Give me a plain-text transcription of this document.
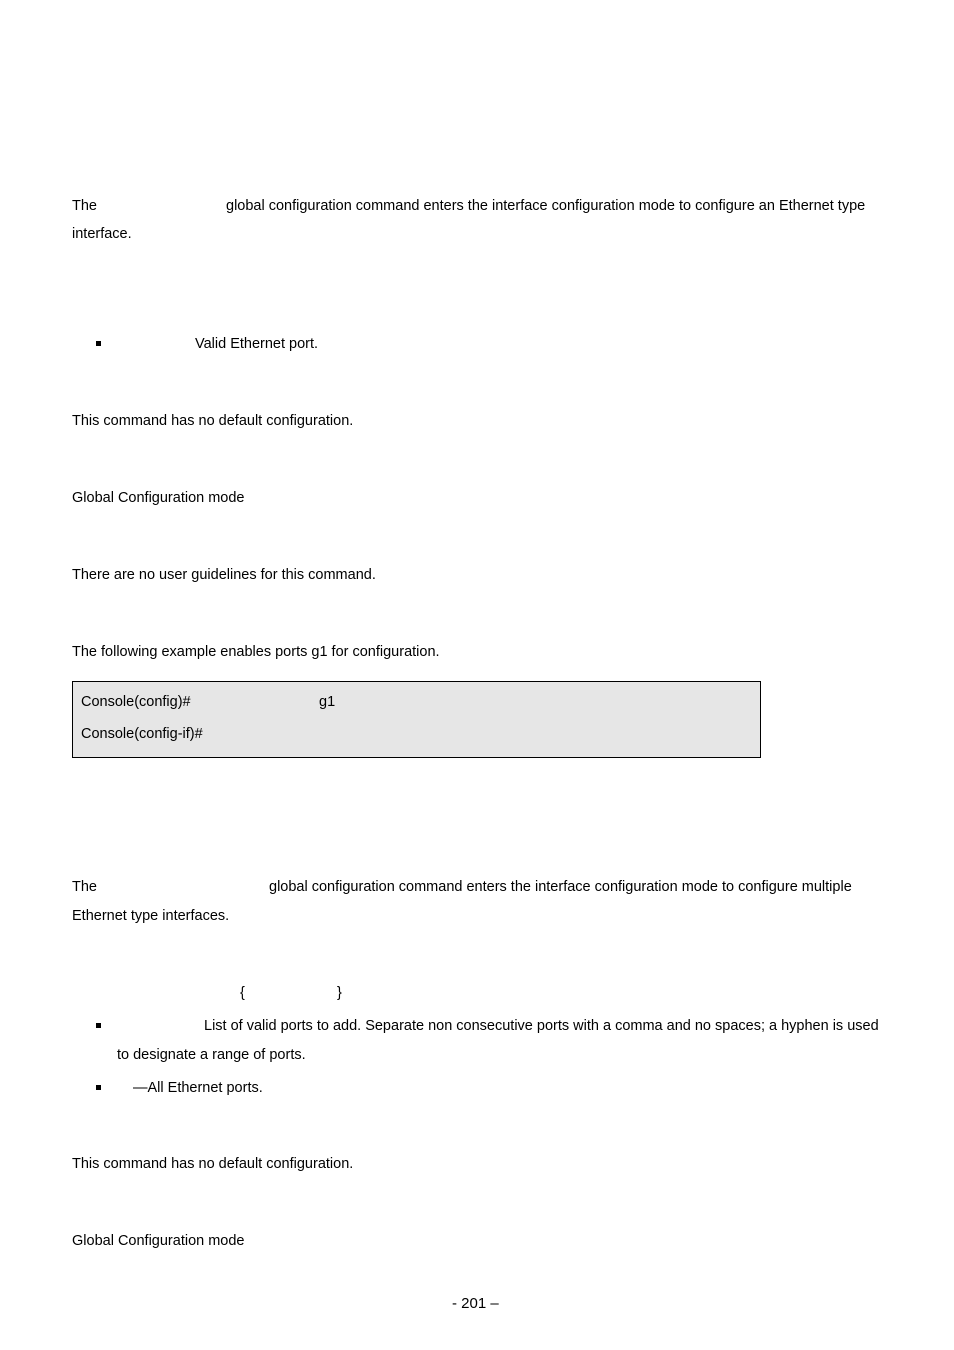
The	global configuration command enters the interface configuration mode to configure an Ethernet type
interface.
Valid Ethernet port.
This command has no default configuration.
Global Configuration mode
There are no user guidelines for this command.
The following example enables ports g1 for configuration.
Console(config)#	g1
Console(config-if)#
The	global configuration command enters the interface configuration mode to configure multiple
Ethernet type interfaces.
{	}
List of valid ports to add. Separate non consecutive ports with a comma and no spaces; a hyphen is used
to designate a range of ports.
—All Ethernet ports.
This command has no default configuration.
Global Configuration mode
- 201 –
